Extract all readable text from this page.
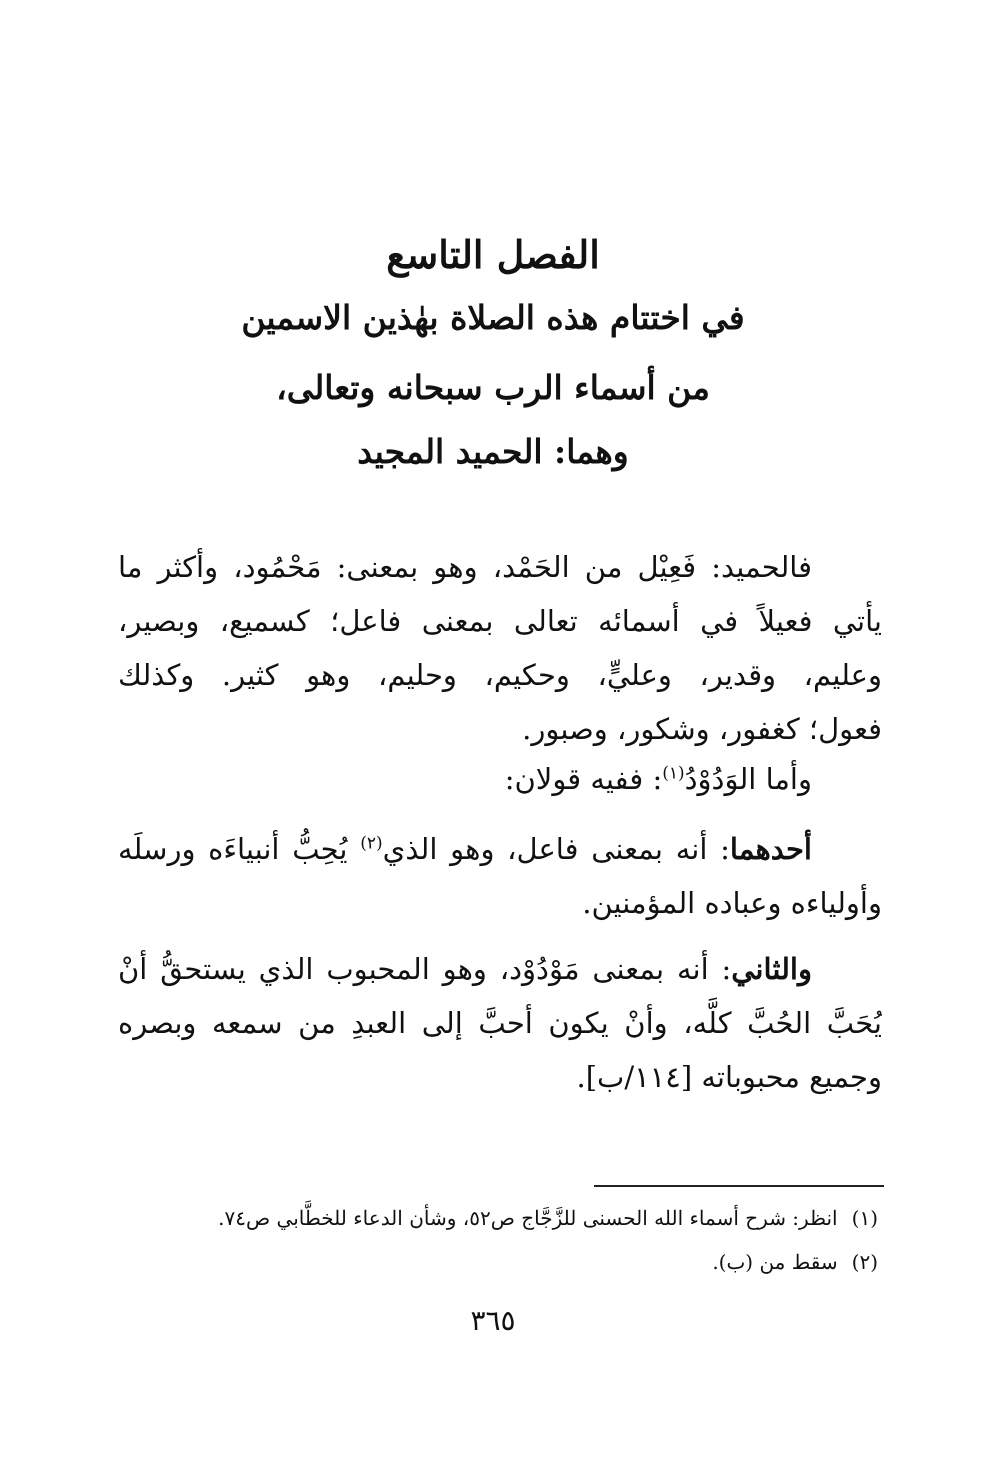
الفصل التاسع
في اختتام هذه الصلاة بهٰذين الاسمين
من أسماء الرب سبحانه وتعالى،
وهما: الحميد المجيد
فالحميد: فَعِيْل من الحَمْد، وهو بمعنى: مَحْمُود، وأكثر ما
يأتي فعيلاً في أسمائه تعالى بمعنى فاعل؛ كسميع، وبصير،
وعليم، وقدير، وعليٍّ، وحكيم، وحليم، وهو كثير. وكذلك
فعول؛ كغفور، وشكور، وصبور.
وأما الوَدُوْدُ$^{(١)}$: ففيه قولان:
أحدهما: أنه بمعنى فاعل، وهو الذي$^{(٢)}$ يُحِبُّ أنبياءَه ورسلَه
وأولياءه وعباده المؤمنين.
والثاني: أنه بمعنى مَوْدُوْد، وهو المحبوب الذي يستحقُّ أنْ
يُحَبَّ الحُبَّ كلَّه، وأنْ يكون أحبَّ إلى العبدِ من سمعه وبصره
وجميع محبوباته [١١٤/ب].
(١)انظر: شرح أسماء الله الحسنى للزَّجَّاج ص٥٢، وشأن الدعاء للخطَّابي ص٧٤.
(٢)سقط من (ب).
٣٦٥
